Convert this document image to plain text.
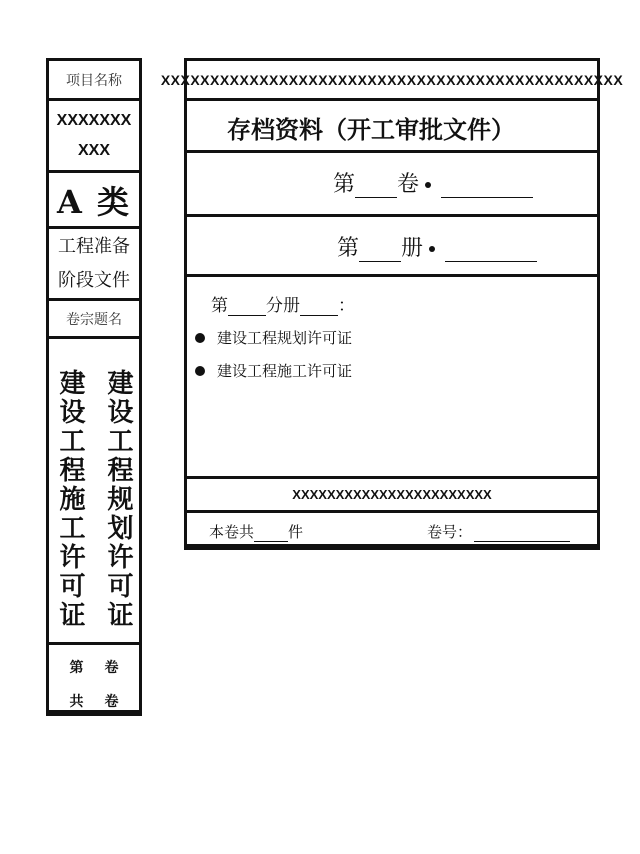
项目名称
XXXXXXXXXX
A 类
工程准备阶段文件
卷宗题名
建设工程施工许可证 建设工程规划许可证
第 卷
共 卷
XXXXXXXXXXXXXXXXXXXXXXXXXXXXXXXXXXXXXXXXXXXXXXX
存档资料（开工审批文件）
第 卷
第 册
第 分册 ：
建设工程规划许可证
建设工程施工许可证
XXXXXXXXXXXXXXXXXXXXXXX
本卷共 件	卷号：
